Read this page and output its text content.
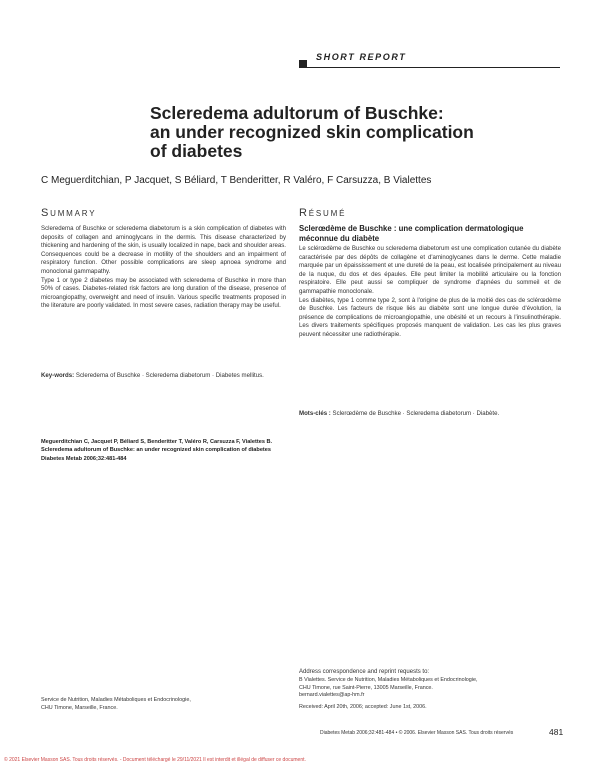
SHORT REPORT
Scleredema adultorum of Buschke:
an under recognized skin complication
of diabetes
C Meguerditchian, P Jacquet, S Béliard, T Benderitter, R Valéro, F Carsuzza, B Vialettes
SUMMARY

Scleredema of Buschke or scleredema diabetorum is a skin complication of diabetes with deposits of collagen and aminoglycans in the dermis. This disease characterized by thickening and hardening of the skin, is usually localized in nape, back and shoulder areas. Consequences could be a decrease in motility of the shoulders and an impairment of respiratory function. Other possible complications are sleep apnoea syndrome and monoclonal gammapathy.

Type 1 or type 2 diabetes may be associated with scleredema of Buschke in more than 50% of cases. Diabetes-related risk factors are long duration of the disease, presence of microangiopathy, overweight and need of insulin. Various specific treatments proposed in the literature are poorly validated. In most severe cases, radiation therapy may be useful.

Key-words: Scleredema of Buschke · Scleredema diabetorum · Diabetes mellitus.
Meguerditchian C, Jacquet P, Béliard S, Benderitter T, Valéro R, Carsuzza F, Vialettes B. Scleredema adultorum of Buschke: an under recognized skin complication of diabetes
Diabetes Metab 2006;32:481-484
RÉSUMÉ
Sclerœdème de Buschke : une complication dermatologique méconnue du diabète

Le sclérœdème de Buschke ou scleredema diabetorum est une complication cutanée du diabète caractérisée par des dépôts de collagène et d'aminoglycanes dans le derme. Cette maladie marquée par un épaississement et une dureté de la peau, est localisée principalement au niveau de la nuque, du dos et des épaules. Elle peut limiter la mobilité articulaire ou la fonction respiratoire. Elle peut aussi se compliquer de syndrome d'apnées du sommeil et de gammapathie monoclonale.

Les diabètes, type 1 comme type 2, sont à l'origine de plus de la moitié des cas de sclérœdème de Buschke. Les facteurs de risque liés au diabète sont une longue durée d'évolution, la présence de complications de microangiopathie, une obésité et un recours à l'insulinothérapie. Les divers traitements spécifiques proposés manquent de validation. Les cas les plus graves peuvent nécessiter une radiothérapie.

Mots-clés : Sclerœdème de Buschke · Scleredema diabetorum · Diabète.
Address correspondence and reprint requests to:
B Vialettes. Service de Nutrition, Maladies Métaboliques et Endocrinologie,
CHU Timone, rue Saint-Pierre, 13005 Marseille, France.
bernard.vialettes@ap-hm.fr
Received: April 20th, 2006; accepted: June 1st, 2006.
Service de Nutrition, Maladies Métaboliques et Endocrinologie,
CHU Timone, Marseille, France.
Diabetes Metab 2006;32:481-484 • © 2006. Elsevier Masson SAS. Tous droits réservés	481
© 2021 Elsevier Masson SAS. Tous droits réservés. - Document téléchargé le 29/11/2021 Il est interdit et illégal de diffuser ce document.
